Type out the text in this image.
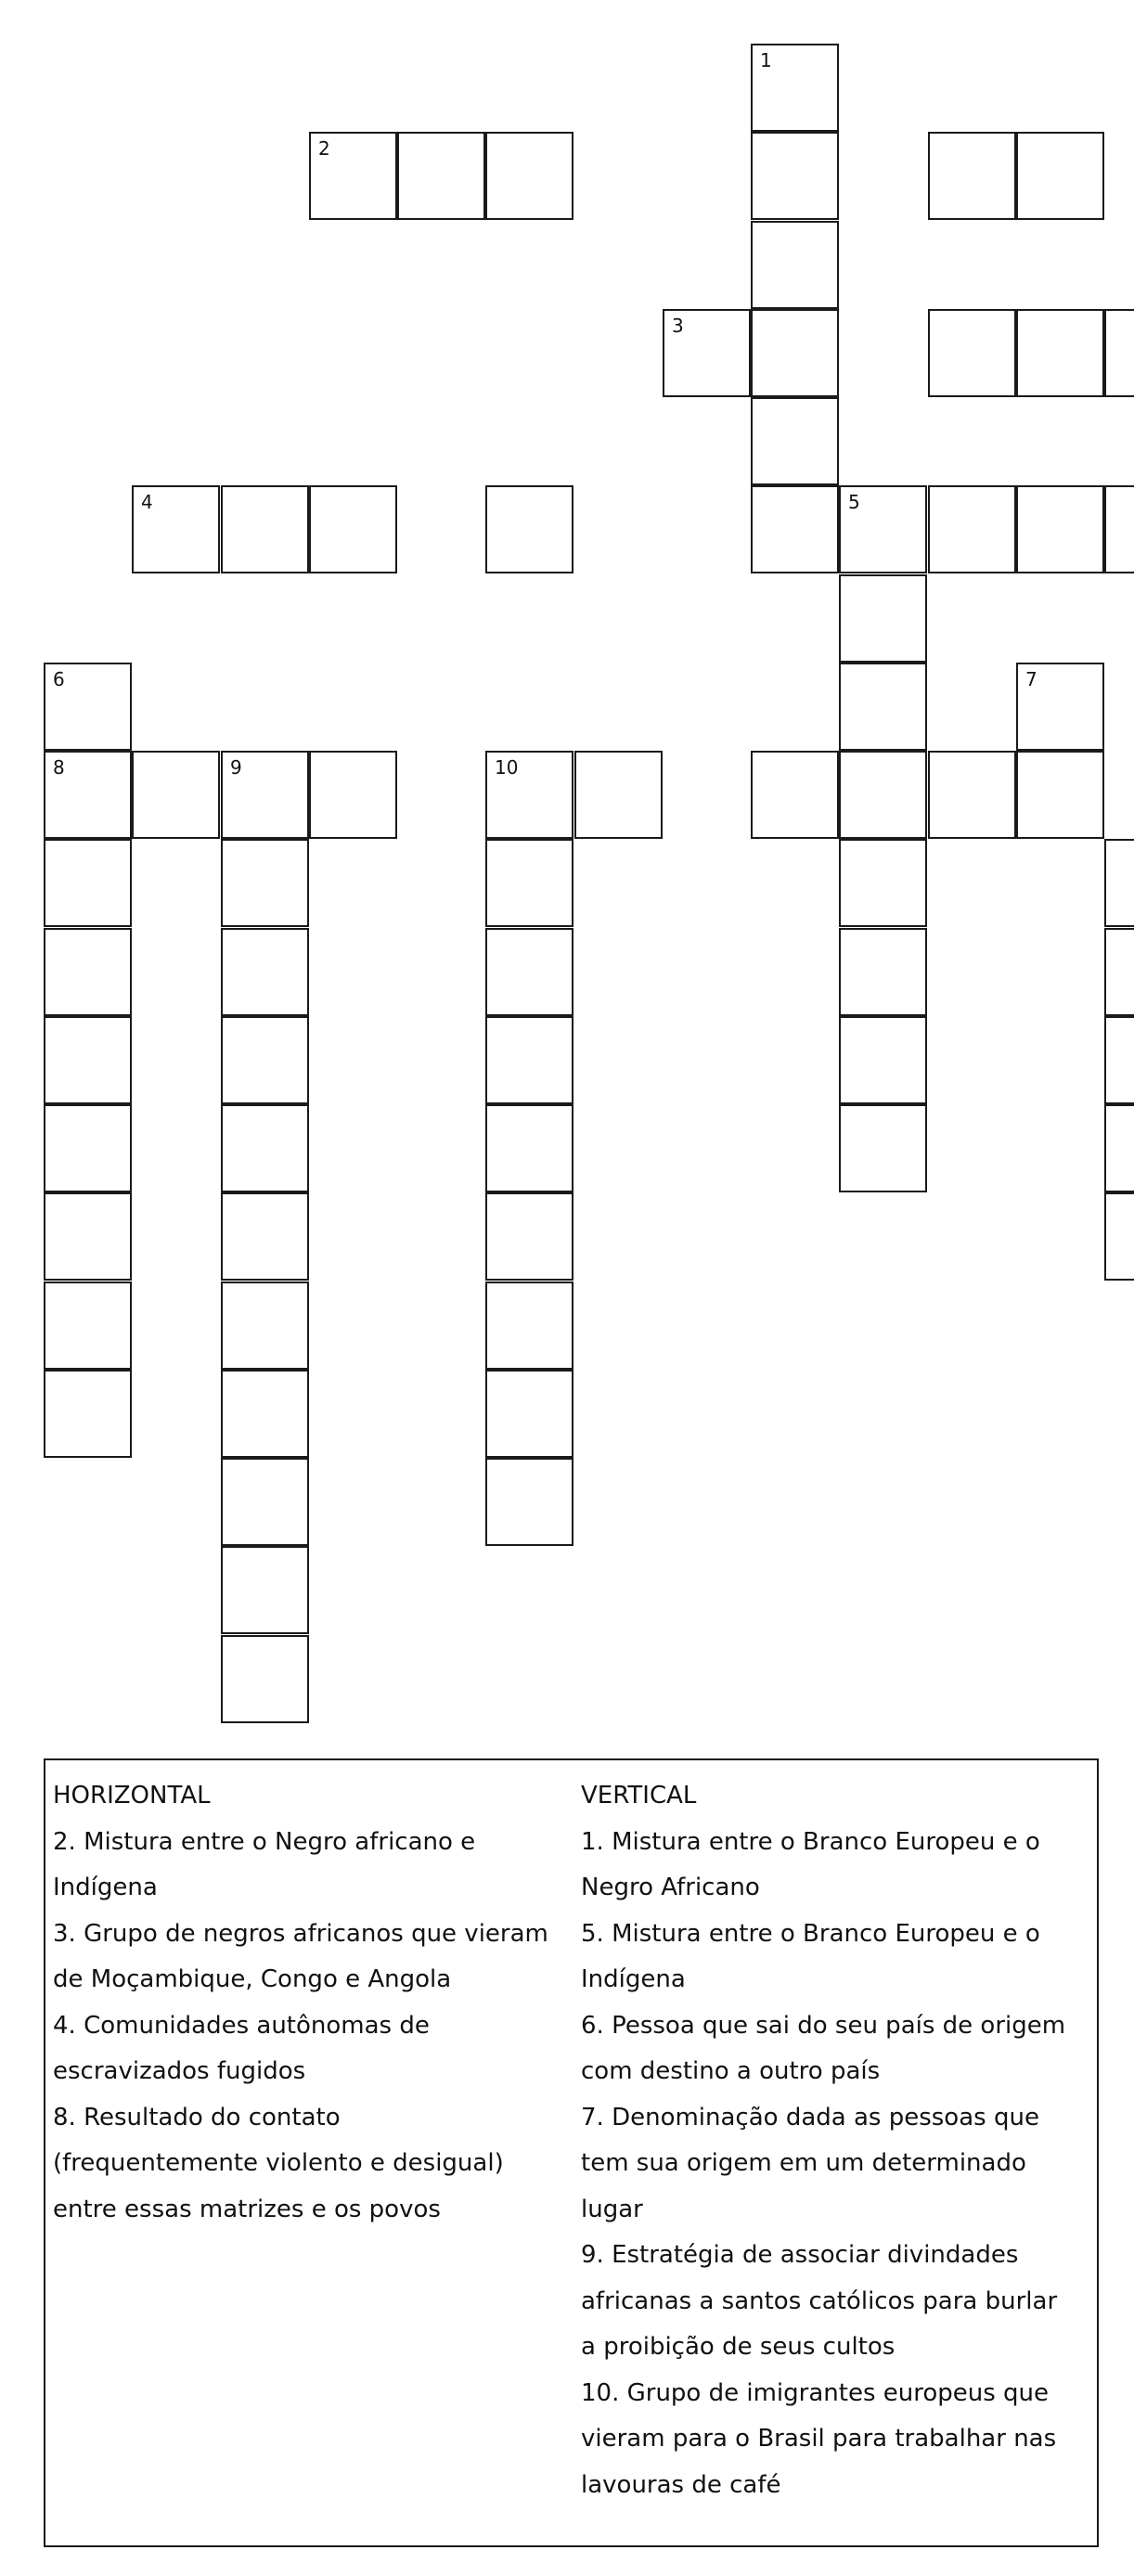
1
2
3
4	5
6	7
8	9	10
HORIZONTAL
2. Mistura entre o Negro africano e
Indígena
3. Grupo de negros africanos que vieram
de Moçambique, Congo e Angola
4. Comunidades autônomas de
escravizados fugidos
8. Resultado do contato
(frequentemente violento e desigual)
entre essas matrizes e os povos
VERTICAL
1. Mistura entre o Branco Europeu e o
Negro Africano
5. Mistura entre o Branco Europeu e o
Indígena
6. Pessoa que sai do seu país de origem
com destino a outro país
7. Denominação dada as pessoas que
tem sua origem em um determinado
lugar
9. Estratégia de associar divindades
africanas a santos católicos para burlar
a proibição de seus cultos
10. Grupo de imigrantes europeus que
vieram para o Brasil para trabalhar nas
lavouras de café
